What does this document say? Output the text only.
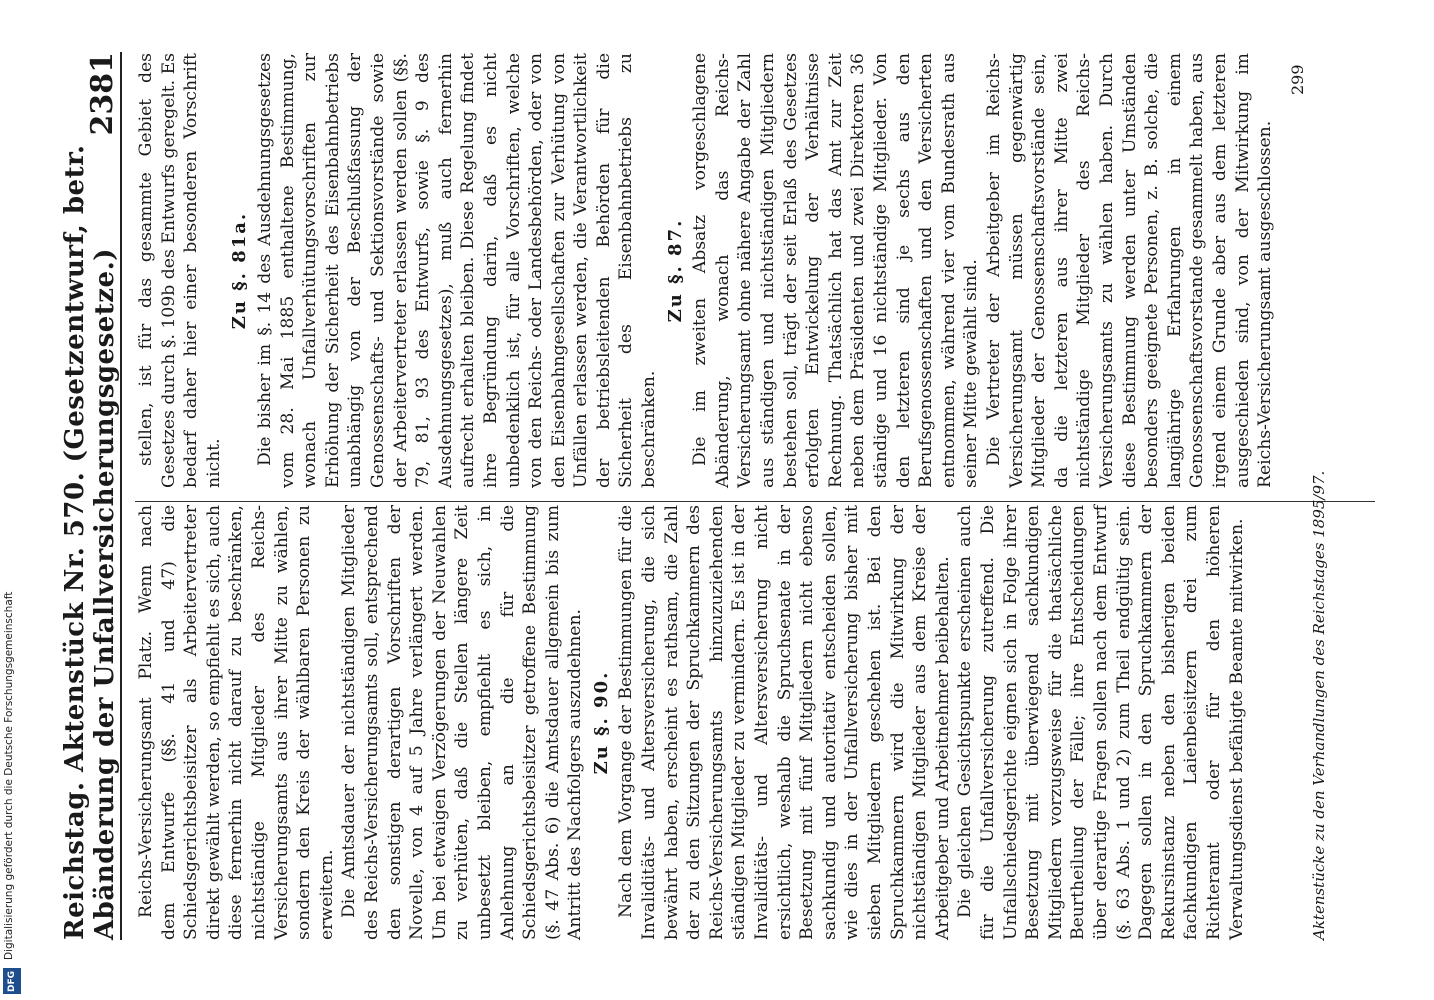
Reichstag. Aktenstück Nr. 570. (Gesetzentwurf, betr. Abänderung der Unfallversicherungsgesetze.)
2381

Reichs-Versicherungsamt Platz. Wenn nach dem Entwurfe (§§. 41 und 47) die Schiedsgerichtsbeisitzer als Arbeitervertreter direkt gewählt werden, so empfiehlt es sich, auch diese fernerhin nicht darauf zu beschränken, nichtständige Mitglieder des Reichs-Versicherungsamts aus ihrer Mitte zu wählen, sondern den Kreis der wählbaren Personen zu erweitern. Die Amtsdauer der nichtständigen Mitglieder des Reichs-Versicherungsamts soll, entsprechend den sonstigen derartigen Vorschriften der Novelle, von 4 auf 5 Jahre verlängert werden. Um bei etwaigen Verzögerungen der Neuwahlen zu verhüten, daß die Stellen längere Zeit unbesetzt bleiben, empfiehlt es sich, in Anlehnung an die für die Schiedsgerichtsbeisitzer getroffene Bestimmung (§. 47 Abs. 6) die Amtsdauer allgemein bis zum Antritt des Nachfolgers auszudehnen. Zu §. 90. Nach dem Vorgange der Bestimmungen für die Invaliditäts- und Altersversicherung, die sich bewährt haben, erscheint es rathsam, die Zahl der zu den Sitzungen der Spruchkammern des Reichs-Versicherungsamts hinzuzuziehenden ständigen Mitglieder zu vermindern. Es ist in der Invaliditäts- und Altersversicherung nicht ersichtlich, weshalb die Spruchsenate in der Besetzung mit fünf Mitgliedern nicht ebenso sachkundig und autoritativ entscheiden sollen, wie dies in der Unfallversicherung bisher mit sieben Mitgliedern geschehen ist. Bei den Spruchkammern wird die Mitwirkung der nichtständigen Mitglieder aus dem Kreise der Arbeitgeber und Arbeitnehmer beibehalten. Die gleichen Gesichtspunkte erscheinen auch für die Unfallversicherung zutreffend. Die Unfallschiedsgerichte eignen sich in Folge ihrer Besetzung mit überwiegend sachkundigen Mitgliedern vorzugsweise für die thatsächliche Beurtheilung der Fälle; ihre Entscheidungen über derartige Fragen sollen nach dem Entwurf (§. 63 Abs. 1 und 2) zum Theil endgültig sein. Dagegen sollen in den Spruchkammern der Rekursinstanz neben den bisherigen beiden fachkundigen Laienbeisitzern drei zum Richteramt oder für den höheren Verwaltungsdienst befähigte Beamte mitwirken.

stellen, ist für das gesammte Gebiet des Gesetzes durch §. 109b des Entwurfs geregelt. Es bedarf daher hier einer besonderen Vorschrift nicht.

Zu §. 81a. Die bisher im §. 14 des Ausdehnungsgesetzes vom 28. Mai 1885 enthaltene Bestimmung, wonach Unfallverhütungsvorschriften zur Erhöhung der Sicherheit des Eisenbahnbetriebs unabhängig von der Beschlußfassung der Genossenschafts- und Sektionsvorstände sowie der Arbeitervertreter erlassen werden sollen (§§. 79, 81, 93 des Entwurfs, sowie §. 9 des Ausdehnungsgesetzes), muß auch fernerhin aufrecht erhalten bleiben. Diese Regelung findet ihre Begründung darin, daß es nicht unbedenklich ist, für alle Vorschriften, welche von den Reichs- oder Landesbehörden, oder von den Eisenbahngesellschaften zur Verhütung von Unfällen erlassen werden, die Verantwortlichkeit der betriebsleitenden Behörden für die Sicherheit des Eisenbahnbetriebs zu beschränken.

Zu §. 87. Die im zweiten Absatz vorgeschlagene Abänderung, wonach das Reichs-Versicherungsamt ohne nähere Angabe der Zahl aus ständigen und nichtständigen Mitgliedern bestehen soll, trägt der seit Erlaß des Gesetzes erfolgten Entwickelung der Verhältnisse Rechnung. Thatsächlich hat das Amt zur Zeit neben dem Präsidenten und zwei Direktoren 36 ständige und 16 nichtständige Mitglieder. Von den letzteren sind je sechs aus den Berufsgenossenschaften und den Versicherten entnommen, während vier vom Bundesrath aus seiner Mitte gewählt sind. Die Vertreter der Arbeitgeber im Reichs-Versicherungsamt müssen gegenwärtig Mitglieder der Genossenschaftsvorstände sein, da die letzteren aus ihrer Mitte zwei nichtständige Mitglieder des Reichs-Versicherungsamts zu wählen haben. Durch diese Bestimmung werden unter Umständen besonders geeignete Personen, z. B. solche, die langjährige Erfahrungen in einem Genossenschaftsvorstande gesammelt haben, aus irgend einem Grunde aber aus dem letzteren ausgeschieden sind, von der Mitwirkung im Reichs-Versicherungsamt ausgeschlossen.

Aktenstücke zu den Verhandlungen des Reichstages 1895/97.
299
Digitalisierung gefördert durch die Deutsche Forschungsgemeinschaft
DFG
